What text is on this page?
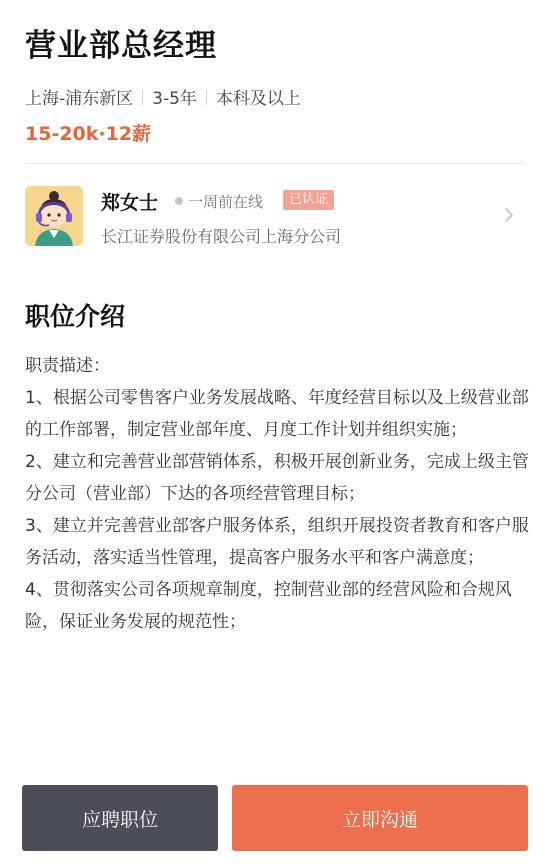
营业部总经理
上海-浦东新区 3-5年 本科及以上
15-20k·12薪
郑女士 一周前在线	已认证
长江证券股份有限公司上海分公司
职位介绍

职责描述：

1、根据公司零售客户业务发展战略、年度经营目标以及上级营业部的工作部署，制定营业部年度、月度工作计划并组织实施；

2、建立和完善营业部营销体系，积极开展创新业务，完成上级主管分公司（营业部）下达的各项经营管理目标；

3、建立并完善营业部客户服务体系，组织开展投资者教育和客户服务活动，落实适当性管理，提高客户服务水平和客户满意度；

4、贯彻落实公司各项规章制度，控制营业部的经营风险和合规风险，保证业务发展的规范性；

应聘职位	立即沟通
